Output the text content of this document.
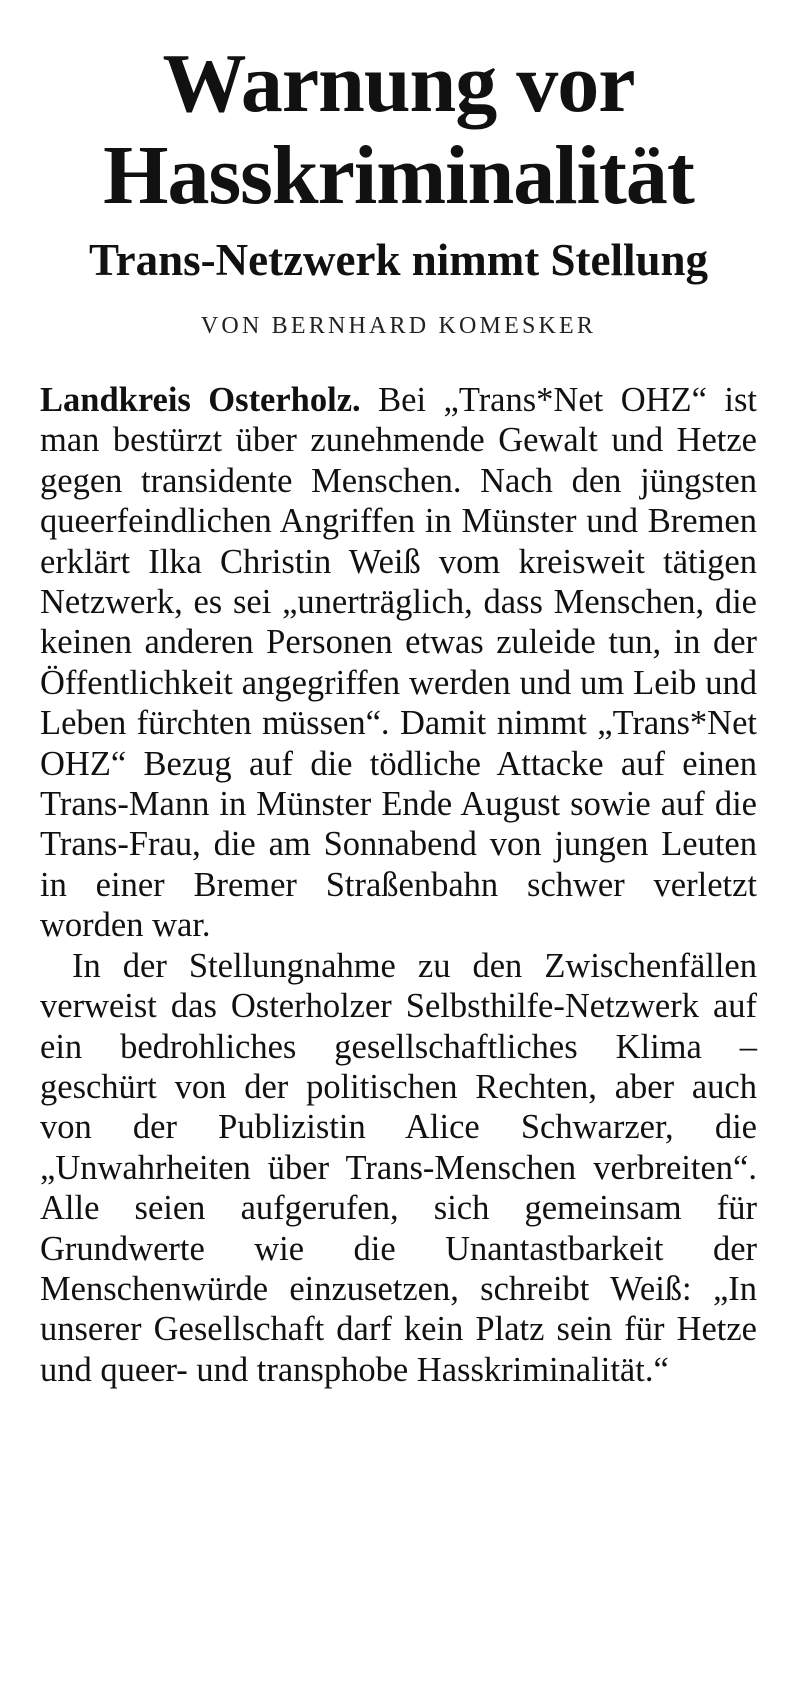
Warnung vor Hasskriminalität
Trans-Netzwerk nimmt Stellung
VON BERNHARD KOMESKER

Landkreis Osterholz. Bei „Trans*Net OHZ“ ist man bestürzt über zunehmende Gewalt und Hetze gegen transidente Menschen. Nach den jüngsten queerfeindlichen Angriffen in Münster und Bremen erklärt Ilka Christin Weiß vom kreisweit tätigen Netzwerk, es sei „unerträglich, dass Menschen, die keinen anderen Personen etwas zuleide tun, in der Öffentlichkeit angegriffen werden und um Leib und Leben fürchten müssen“. Damit nimmt „Trans*Net OHZ“ Bezug auf die tödliche Attacke auf einen Trans-Mann in Münster Ende August sowie auf die Trans-Frau, die am Sonnabend von jungen Leuten in einer Bremer Straßenbahn schwer verletzt worden war.

In der Stellungnahme zu den Zwischenfällen verweist das Osterholzer Selbsthilfe-Netzwerk auf ein bedrohliches gesellschaftliches Klima – geschürt von der politischen Rechten, aber auch von der Publizistin Alice Schwarzer, die „Unwahrheiten über Trans-Menschen verbreiten“. Alle seien aufgerufen, sich gemeinsam für Grundwerte wie die Unantastbarkeit der Menschenwürde einzusetzen, schreibt Weiß: „In unserer Gesellschaft darf kein Platz sein für Hetze und queer- und transphobe Hasskriminalität.“
